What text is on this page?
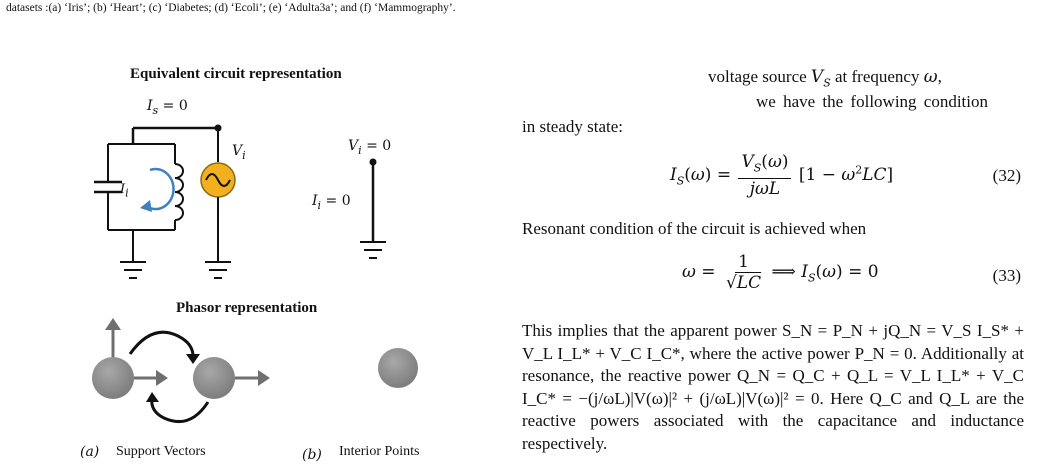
datasets :(a) ‘Iris’; (b) ‘Heart’; (c) ‘Diabetes; (d) ‘Ecoli’; (e) ‘Adulta3a’; and (f) ‘Mammography’.
Equivalent circuit representation
Phasor representation
$I_s = 0$
$V_i$
$I_i$
$V_i = 0$
$I_i = 0$
(a) Support Vectors	(b) Interior Points
voltage source $V_S$ at frequency ω,
we have the following condition
in steady state:
$I_S(\omega) = \frac{V_S(\omega)}{\text{jωL}} [1 - \omega^2LC]$	(32)
Resonant condition of the circuit is achieved when
$\omega = \frac{1}{√LC}$ ⟹ $I_S(\omega) = 0$	(33)
This implies that the apparent power S_N = P_N + jQ_N = V_S I_S* + V_L I_L* + V_C I_C*, where the active power P_N = 0. Additionally at resonance, the reactive power Q_N = Q_C + Q_L = V_L I_L* + V_C I_C* = −(j/ωL)|V(ω)|² + (j/ωL)|V(ω)|² = 0. Here Q_C and Q_L are the reactive powers associated with the capacitance and inductance respectively.
